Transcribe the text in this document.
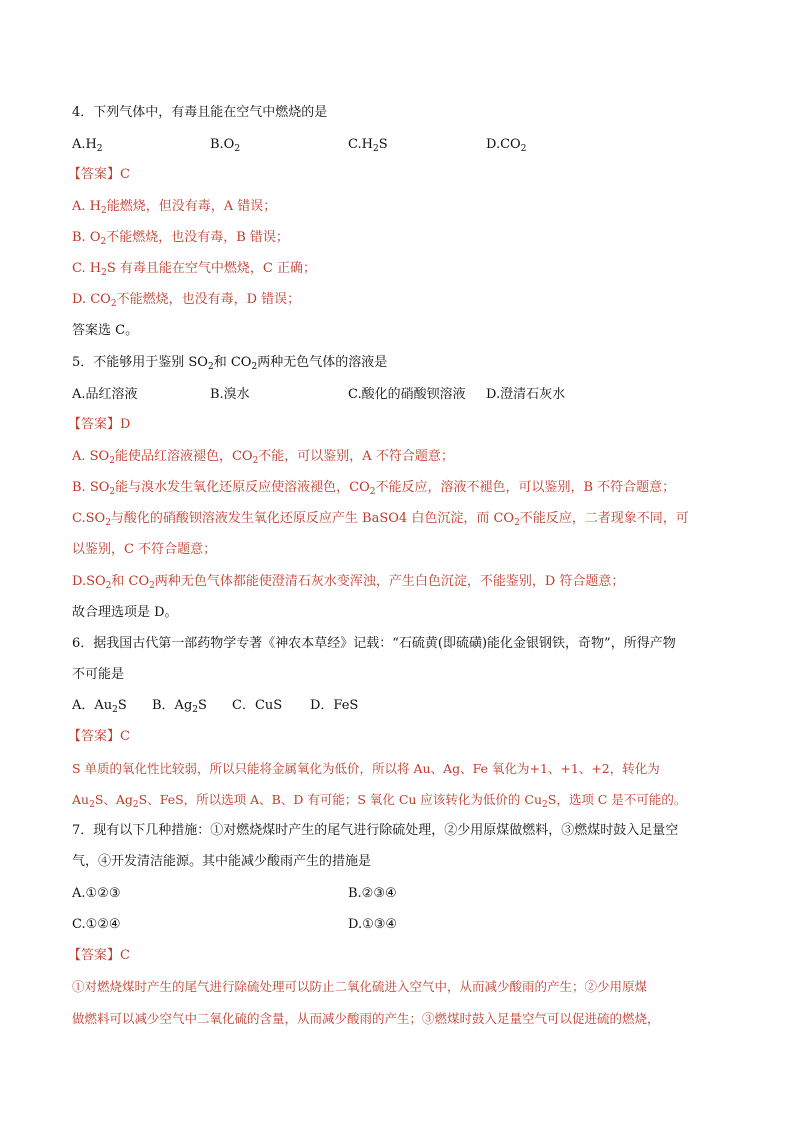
4．下列气体中，有毒且能在空气中燃烧的是
$A.H_2$	$B.O_2$	$C.H_2S$	$D.CO_2$
【答案】C
A. $H_2$能燃烧，但没有毒，A 错误；
B. $O_2$不能燃烧，也没有毒，B 错误；
C. $H_2S$ 有毒且能在空气中燃烧，C 正确；
D. $CO_2$不能燃烧，也没有毒，D 错误；
答案选 C。
5．不能够用于鉴别 $SO_2$和 $CO_2$两种无色气体的溶液是
A.品红溶液	B.溴水	C.酸化的硝酸钡溶液 D.澄清石灰水
【答案】D
A. $SO_2$能使品红溶液褪色，$CO_2$不能，可以鉴别，A 不符合题意；
B. $SO_2$能与溴水发生氧化还原反应使溶液褪色，$CO_2$不能反应，溶液不褪色，可以鉴别，B 不符合题意；
$C.SO_2$与酸化的硝酸钡溶液发生氧化还原反应产生 BaSO4 白色沉淀，而 $CO_2$不能反应，二者现象不同，可
以鉴别，C 不符合题意；
$D.SO_2$和 $CO_2$两种无色气体都能使澄清石灰水变浑浊，产生白色沉淀，不能鉴别，D 符合题意；
故合理选项是 D。
6．据我国古代第一部药物学专著《神农本草经》记载：“石硫黄(即硫磺)能化金银钢铁，奇物”，所得产物
不可能是
A．$Au_2S$ B．$Ag_2S$ C．CuS D．FeS
【答案】C
S 单质的氧化性比较弱，所以只能将金属氧化为低价，所以将 Au、Ag、Fe 氧化为+1、+1、+2，转化为
$Au_2S$、$Ag_2S$、FeS，所以选项 A、B、D 有可能；S 氧化 Cu 应该转化为低价的 $Cu_2S$，选项 C 是不可能的。
7．现有以下几种措施：①对燃烧煤时产生的尾气进行除硫处理，②少用原煤做燃料，③燃煤时鼓入足量空
气，④开发清洁能源。其中能减少酸雨产生的措施是
A.①②③	B.②③④
C.①②④	D.①③④
【答案】C
①对燃烧煤时产生的尾气进行除硫处理可以防止二氧化硫进入空气中，从而减少酸雨的产生；②少用原煤
做燃料可以减少空气中二氧化硫的含量，从而减少酸雨的产生；③燃煤时鼓入足量空气可以促进硫的燃烧，
